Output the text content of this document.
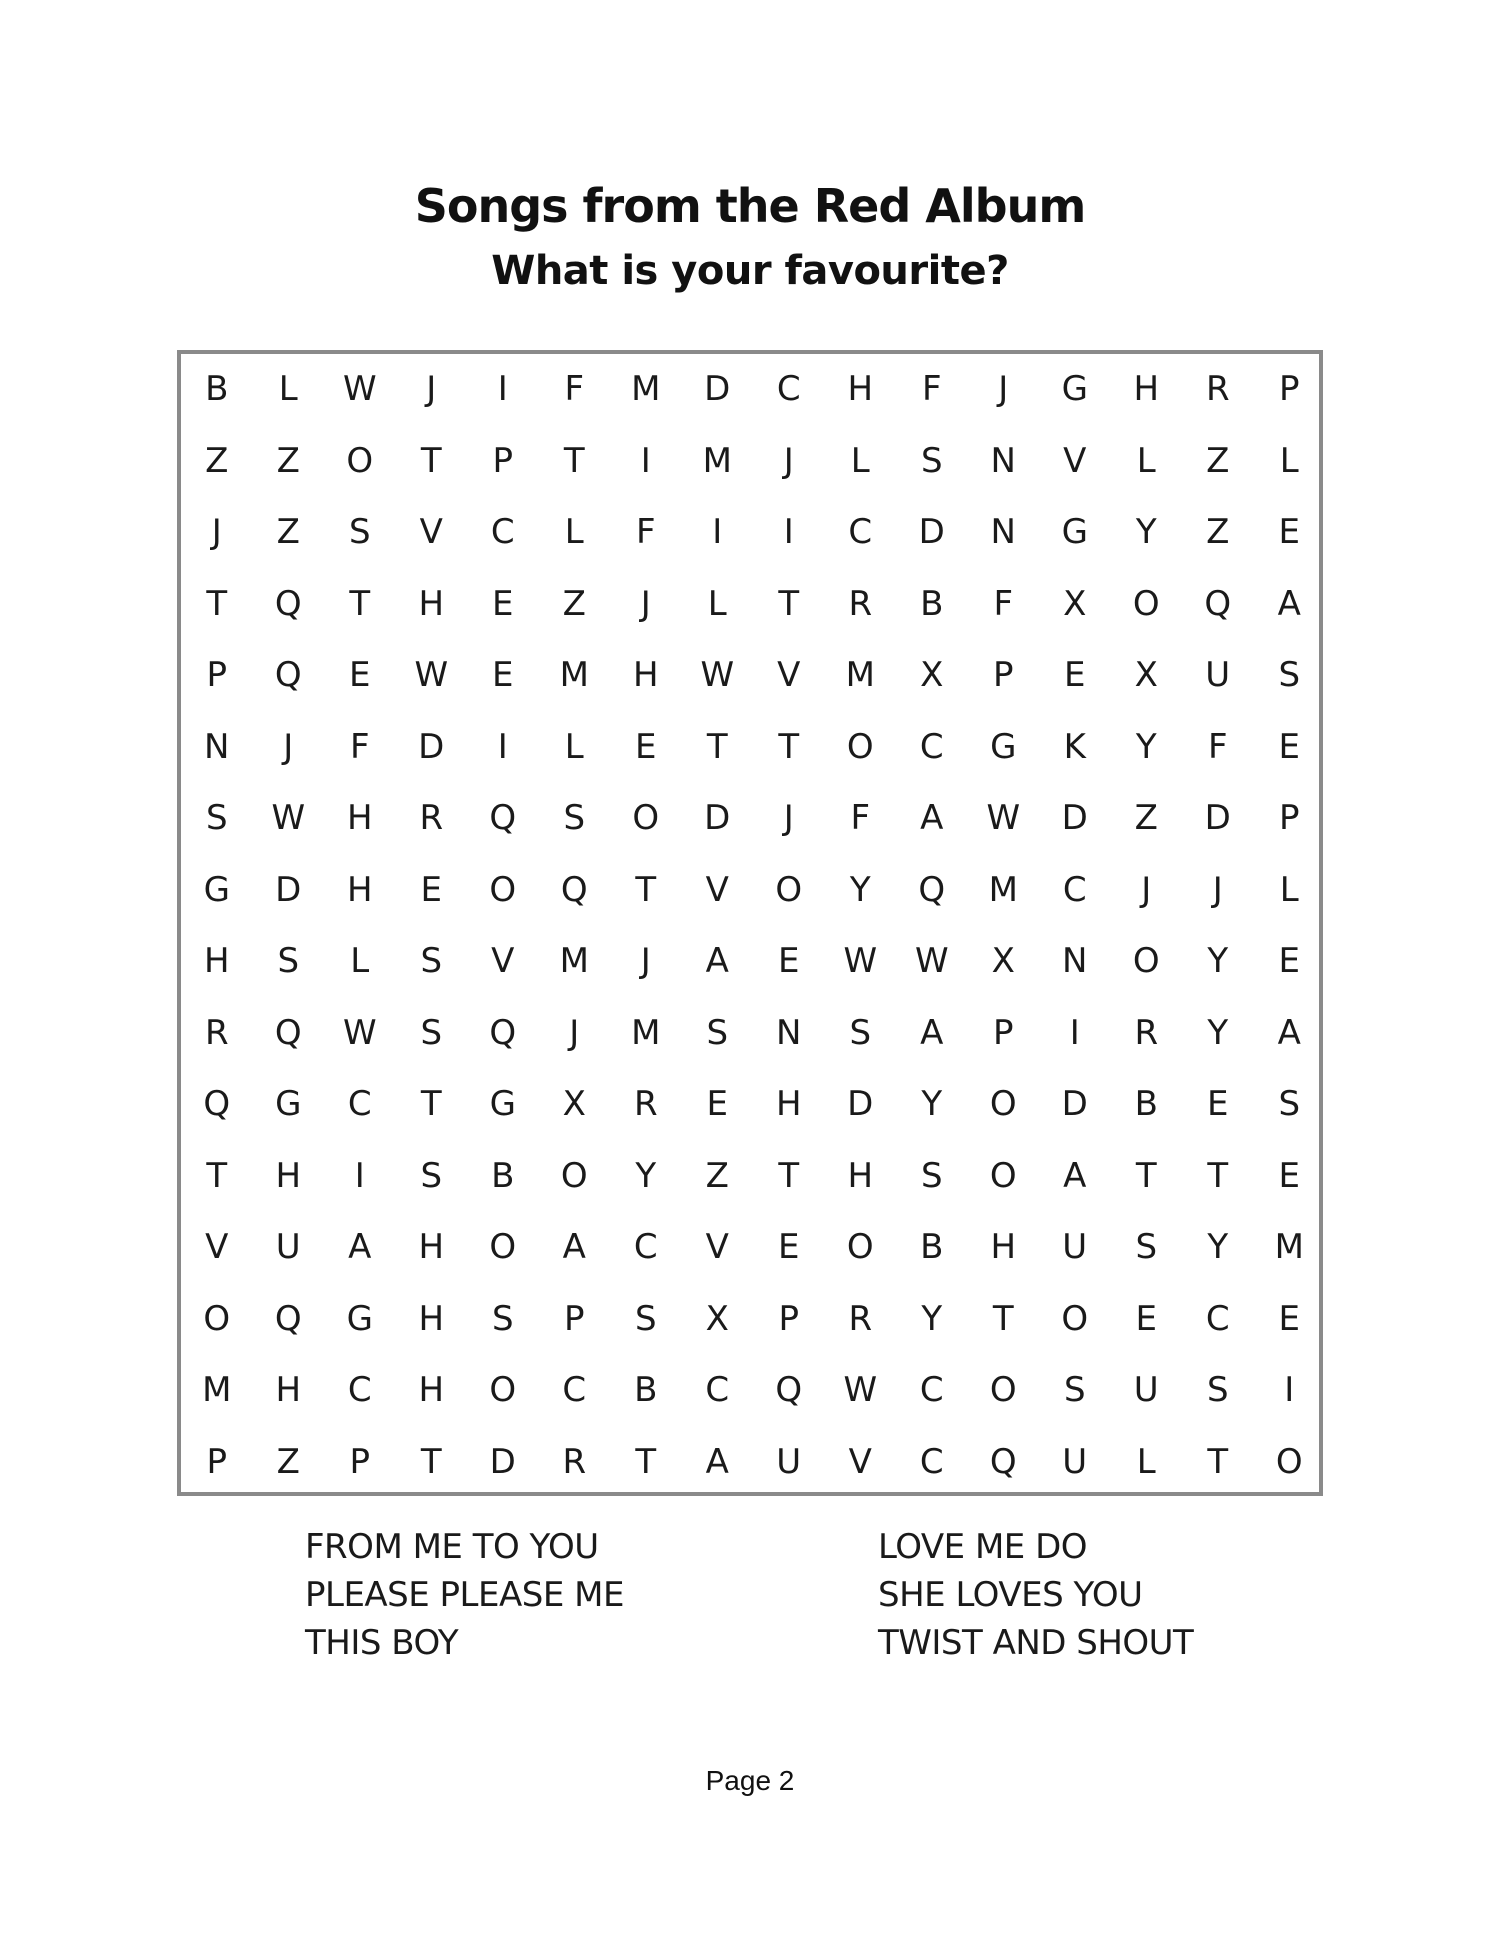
Songs from the Red Album
What is your favourite?
B	L	W	J	I	F	M	D	C	H	F	J	G	H	R	P
Z	Z	O	T	P	T	I	M	J	L	S	N	V	L	Z	L
J	Z	S	V	C	L	F	I	I	C	D	N	G	Y	Z	E
T	Q	T	H	E	Z	J	L	T	R	B	F	X	O	Q	A
P	Q	E	W	E	M	H	W	V	M	X	P	E	X	U	S
N	J	F	D	I	L	E	T	T	O	C	G	K	Y	F	E
S	W	H	R	Q	S	O	D	J	F	A	W	D	Z	D	P
G	D	H	E	O	Q	T	V	O	Y	Q	M	C	J	J	L
H	S	L	S	V	M	J	A	E	W	W	X	N	O	Y	E
R	Q	W	S	Q	J	M	S	N	S	A	P	I	R	Y	A
Q	G	C	T	G	X	R	E	H	D	Y	O	D	B	E	S
T	H	I	S	B	O	Y	Z	T	H	S	O	A	T	T	E
V	U	A	H	O	A	C	V	E	O	B	H	U	S	Y	M
O	Q	G	H	S	P	S	X	P	R	Y	T	O	E	C	E
M	H	C	H	O	C	B	C	Q	W	C	O	S	U	S	I
P	Z	P	T	D	R	T	A	U	V	C	Q	U	L	T	O
FROM ME TO YOU
PLEASE PLEASE ME
THIS BOY
LOVE ME DO
SHE LOVES YOU
TWIST AND SHOUT
Page 2
